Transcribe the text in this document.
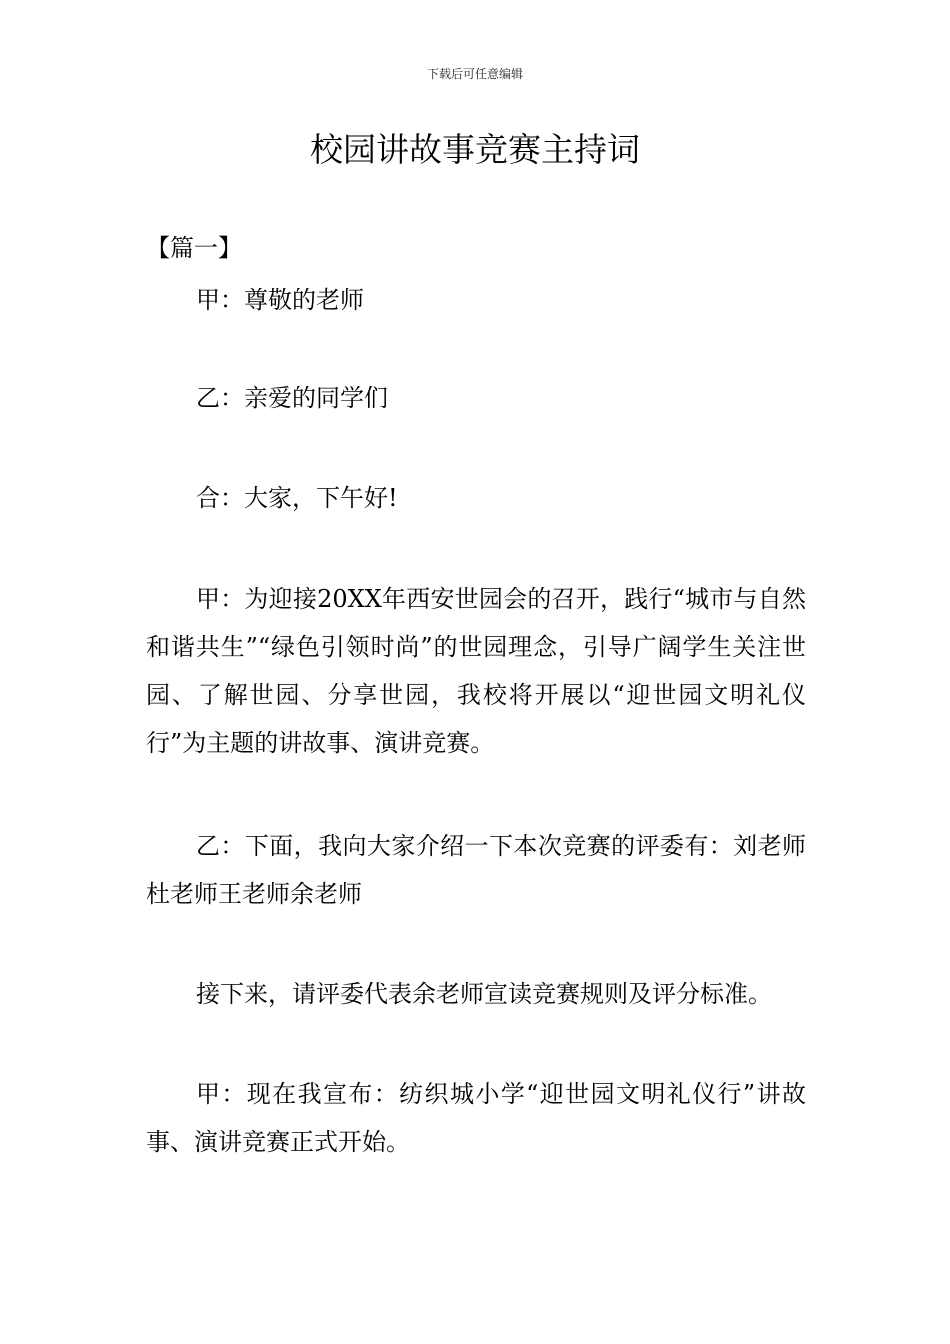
下载后可任意编辑
校园讲故事竞赛主持词
【篇一】

甲：尊敬的老师

乙：亲爱的同学们

合：大家，下午好!

甲：为迎接20XX年西安世园会的召开，践行“城市与自然和谐共生”“绿色引领时尚”的世园理念，引导广阔学生关注世园、了解世园、分享世园，我校将开展以“迎世园文明礼仪行”为主题的讲故事、演讲竞赛。

乙：下面，我向大家介绍一下本次竞赛的评委有：刘老师杜老师王老师余老师

接下来，请评委代表余老师宣读竞赛规则及评分标准。

甲：现在我宣布：纺织城小学“迎世园文明礼仪行”讲故事、演讲竞赛正式开始。
